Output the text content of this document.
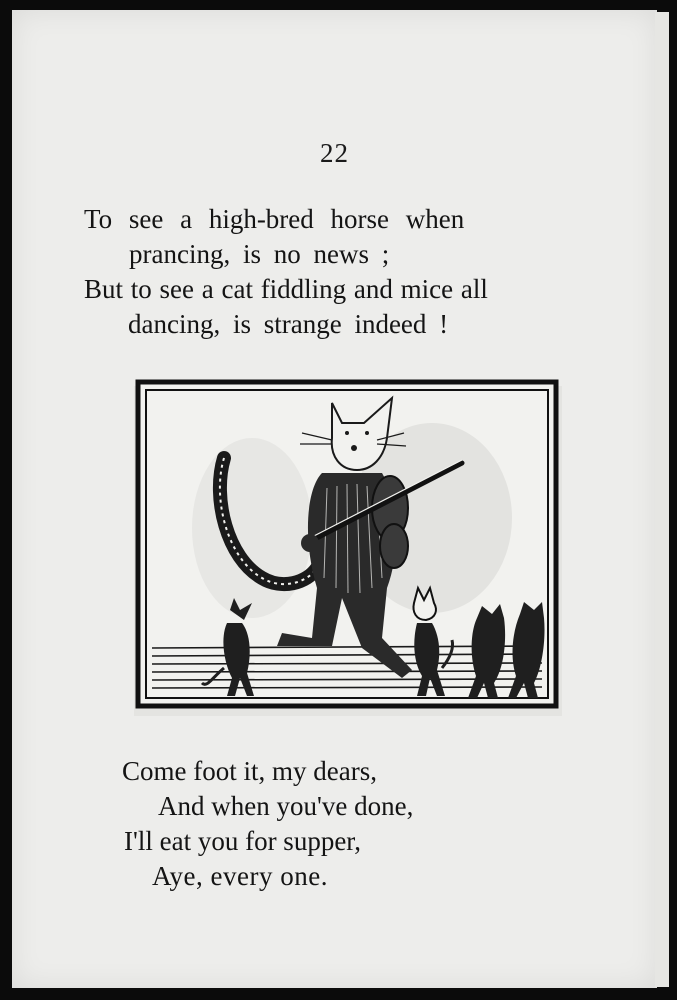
22
To see a high-bred horse when
prancing, is no news ;
But to see a cat fiddling and mice all
dancing, is strange indeed !
Come foot it, my dears,
And when you've done,
I'll eat you for supper,
Aye, every one.
